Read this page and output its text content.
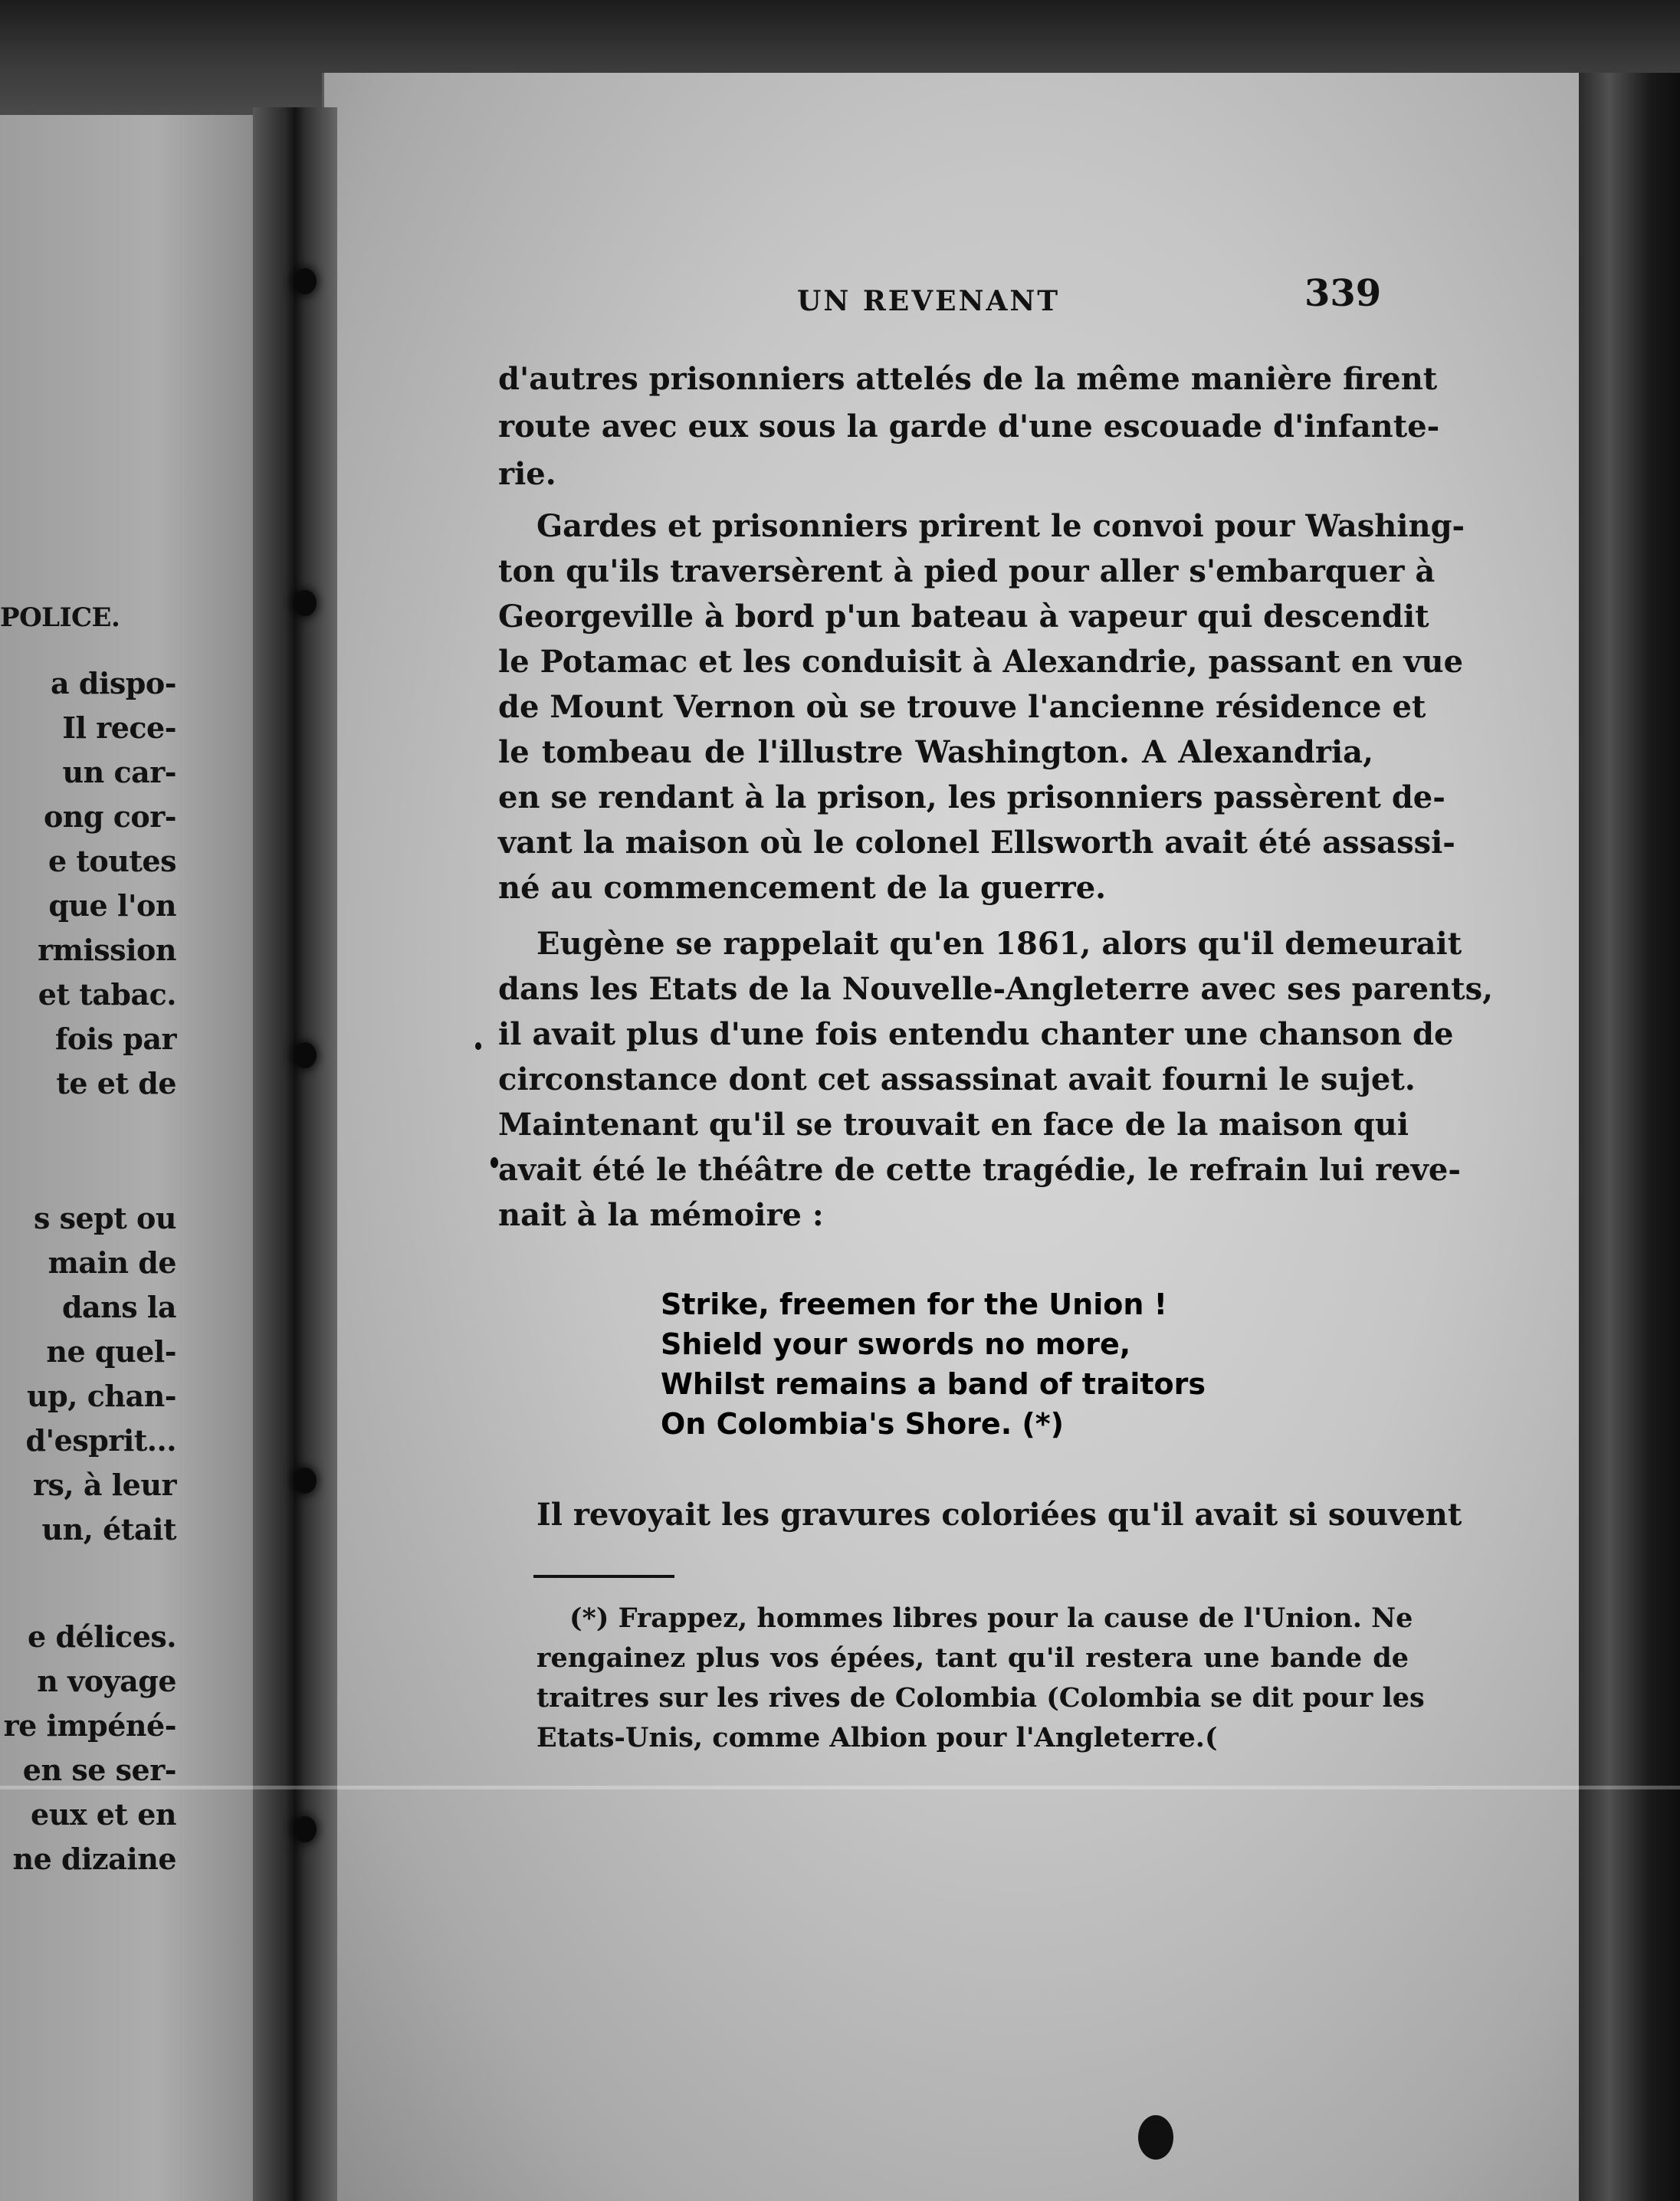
POLICE.
a dispo-
Il rece-
un car-
ong cor-
e toutes
que l'on
rmission
et tabac.
fois par
te et de
s sept ou
main de
dans la
ne quel-
up, chan-
d'esprit...
rs, à leur
un, était
e délices.
n voyage
re impéné-
en se ser-
eux et en
ne dizaine
UN REVENANT	339
d'autres prisonniers attelés de la même manière firent
route avec eux sous la garde d'une escouade d'infante-
rie.
Gardes et prisonniers prirent le convoi pour Washing-
ton qu'ils traversèrent à pied pour aller s'embarquer à
Georgeville à bord p'un bateau à vapeur qui descendit
le Potamac et les conduisit à Alexandrie, passant en vue
de Mount Vernon où se trouve l'ancienne résidence et
le tombeau de l'illustre Washington. A Alexandria,
en se rendant à la prison, les prisonniers passèrent de-
vant la maison où le colonel Ellsworth avait été assassi-
né au commencement de la guerre.
Eugène se rappelait qu'en 1861, alors qu'il demeurait
dans les Etats de la Nouvelle-Angleterre avec ses parents,
il avait plus d'une fois entendu chanter une chanson de
circonstance dont cet assassinat avait fourni le sujet.
Maintenant qu'il se trouvait en face de la maison qui
avait été le théâtre de cette tragédie, le refrain lui reve-
nait à la mémoire :
Strike, freemen for the Union !
Shield your swords no more,
Whilst remains a band of traitors
On Colombia's Shore. (*)
Il revoyait les gravures coloriées qu'il avait si souvent
(*) Frappez, hommes libres pour la cause de l'Union. Ne
rengainez plus vos épées, tant qu'il restera une bande de
traitres sur les rives de Colombia (Colombia se dit pour les
Etats-Unis, comme Albion pour l'Angleterre.(
